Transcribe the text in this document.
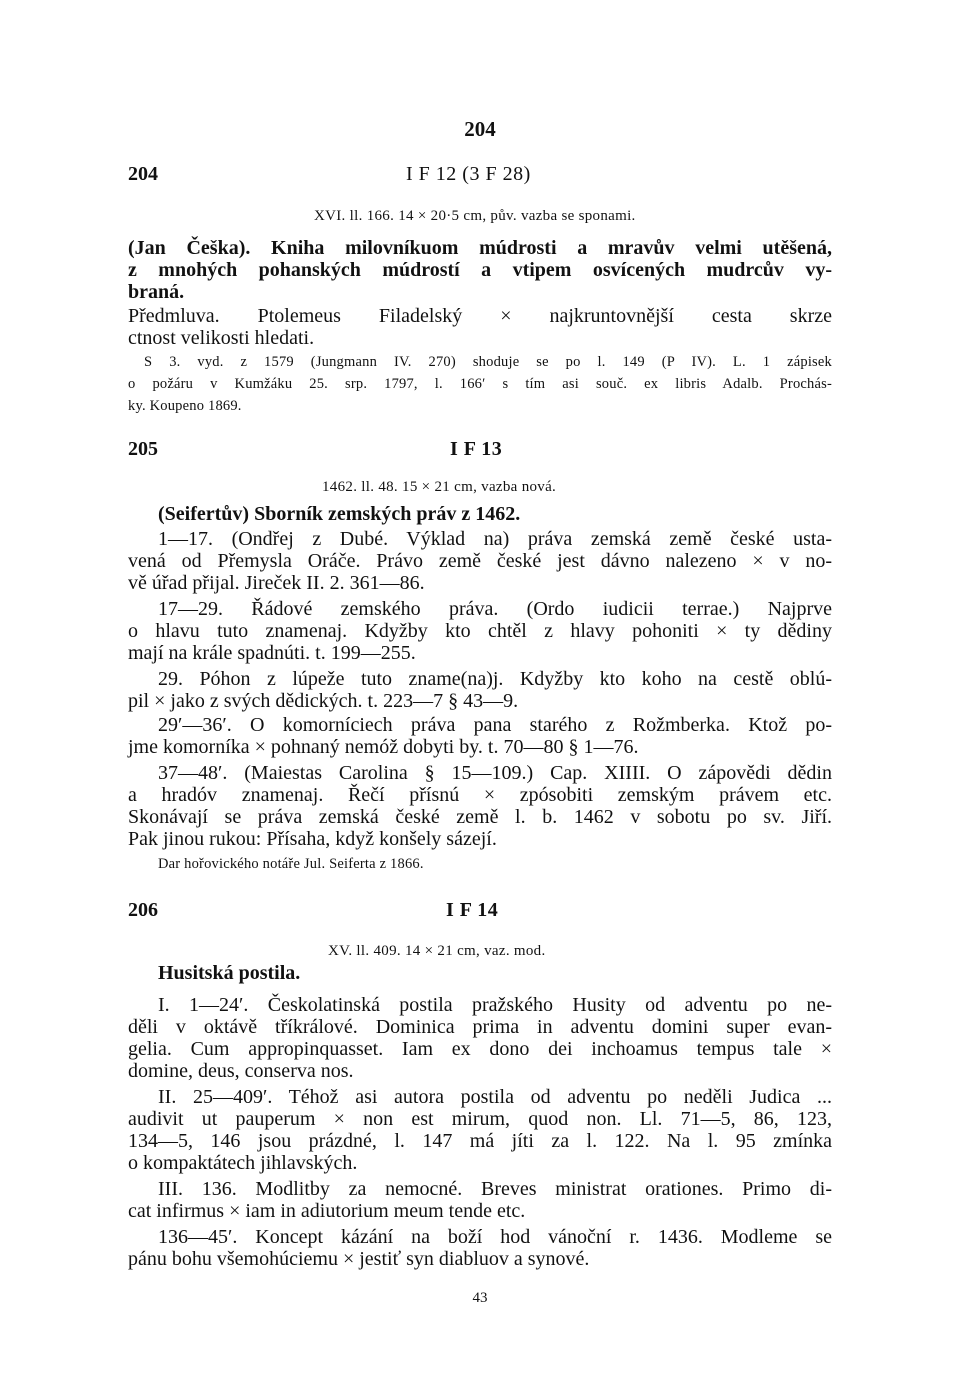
204
204	I F 12 (3 F 28)
XVI. ll. 166. 14 × 20·5 cm, pův. vazba se sponami.
(Jan Češka). Kniha milovníkuom múdrosti a mravův velmi utěšená,
z mnohých pohanských múdrostí a vtipem osvícených mudrcův vy-
braná.
Předmluva. Ptolemeus Filadelský × najkruntovnější cesta skrze
ctnost velikosti hledati.
S 3. vyd. z 1579 (Jungmann IV. 270) shoduje se po l. 149 (P IV). L. 1 zápisek
o požáru v Kumžáku 25. srp. 1797, l. 166′ s tím asi souč. ex libris Adalb. Prochás-
ky. Koupeno 1869.
205	I F 13
1462. ll. 48. 15 × 21 cm, vazba nová.
(Seifertův) Sborník zemských práv z 1462.
1—17. (Ondřej z Dubé. Výklad na) práva zemská země české usta-
vená od Přemysla Oráče. Právo země české jest dávno nalezeno × v no-
vě úřad přijal. Jireček II. 2. 361—86.
17—29. Řádové zemského práva. (Ordo iudicii terrae.) Najprve
o hlavu tuto znamenaj. Kdyžby kto chtěl z hlavy pohoniti × ty dědiny
mají na krále spadnúti. t. 199—255.
29. Póhon z lúpeže tuto zname(na)j. Kdyžby kto koho na cestě oblú-
pil × jako z svých dědických. t. 223—7 § 43—9.
29′—36′. O komorníciech práva pana starého z Rožmberka. Ktož po-
jme komorníka × pohnaný nemóž dobyti by. t. 70—80 § 1—76.
37—48′. (Maiestas Carolina § 15—109.) Cap. XIIII. O zápovědi dědin
a hradóv znamenaj. Řečí přísnú × zpósobiti zemským právem etc.
Skonávají se práva zemská české země l. b. 1462 v sobotu po sv. Jiří.
Pak jinou rukou: Přísaha, když konšely sázejí.
Dar hořovického notáře Jul. Seiferta z 1866.
206	I F 14
XV. ll. 409. 14 × 21 cm, vaz. mod.
Husitská postila.
I. 1—24′. Českolatinská postila pražského Husity od adventu po ne-
děli v oktávě tříkrálové. Dominica prima in adventu domini super evan-
gelia. Cum appropinquasset. Iam ex dono dei inchoamus tempus tale ×
domine, deus, conserva nos.
II. 25—409′. Téhož asi autora postila od adventu po neděli Judica ...
audivit ut pauperum × non est mirum, quod non. Ll. 71—5, 86, 123,
134—5, 146 jsou prázdné, l. 147 má jíti za l. 122. Na l. 95 zmínka
o kompaktátech jihlavských.
III. 136. Modlitby za nemocné. Breves ministrat orationes. Primo di-
cat infirmus × iam in adiutorium meum tende etc.
136—45′. Koncept kázání na boží hod vánoční r. 1436. Modleme se
pánu bohu všemohúciemu × jestiť syn diabluov a synové.
43
